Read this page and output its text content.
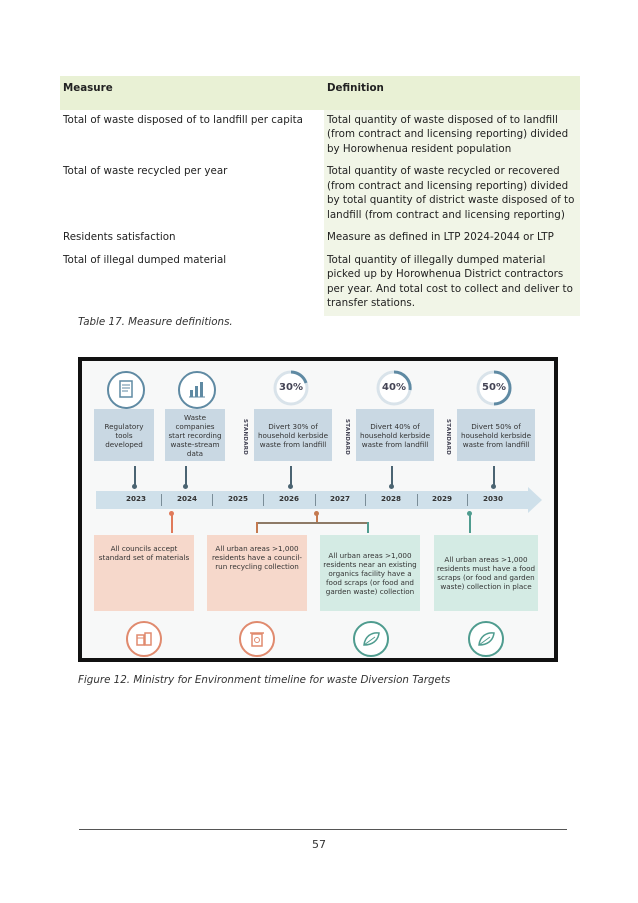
Measure	Definition
Total of waste disposed of to landfill per capita	Total quantity of waste disposed of to landfill (from contract and licensing reporting) divided by Horowhenua resident population
Total of waste recycled per year	Total quantity of waste recycled or recovered (from contract and licensing reporting) divided by total quantity of district waste disposed of to landfill (from contract and licensing reporting)
Residents satisfaction	Measure as defined in LTP 2024-2044 or LTP
Total of illegal dumped material	Total quantity of illegally dumped material picked up by Horowhenua District contractors per year. And total cost to collect and deliver to transfer stations.
Table 17. Measure definitions.
30%	40%	50%
Regulatory tools developed
Waste companies start recording waste-stream data	STANDARD	Divert 30% of household kerbside waste from landfill	STANDARD	Divert 40% of household kerbside waste from landfill	STANDARD	Divert 50% of household kerbside waste from landfill
2023	2024	2025	2026	2027	2028	2029	2030
All councils accept standard set of materials
All urban areas >1,000 residents have a council-run recycling collection
All urban areas >1,000 residents near an existing organics facility have a food scraps (or food and garden waste) collection
All urban areas >1,000 residents must have a food scraps (or food and garden waste) collection in place
Figure 12. Ministry for Environment timeline for waste Diversion Targets
57
